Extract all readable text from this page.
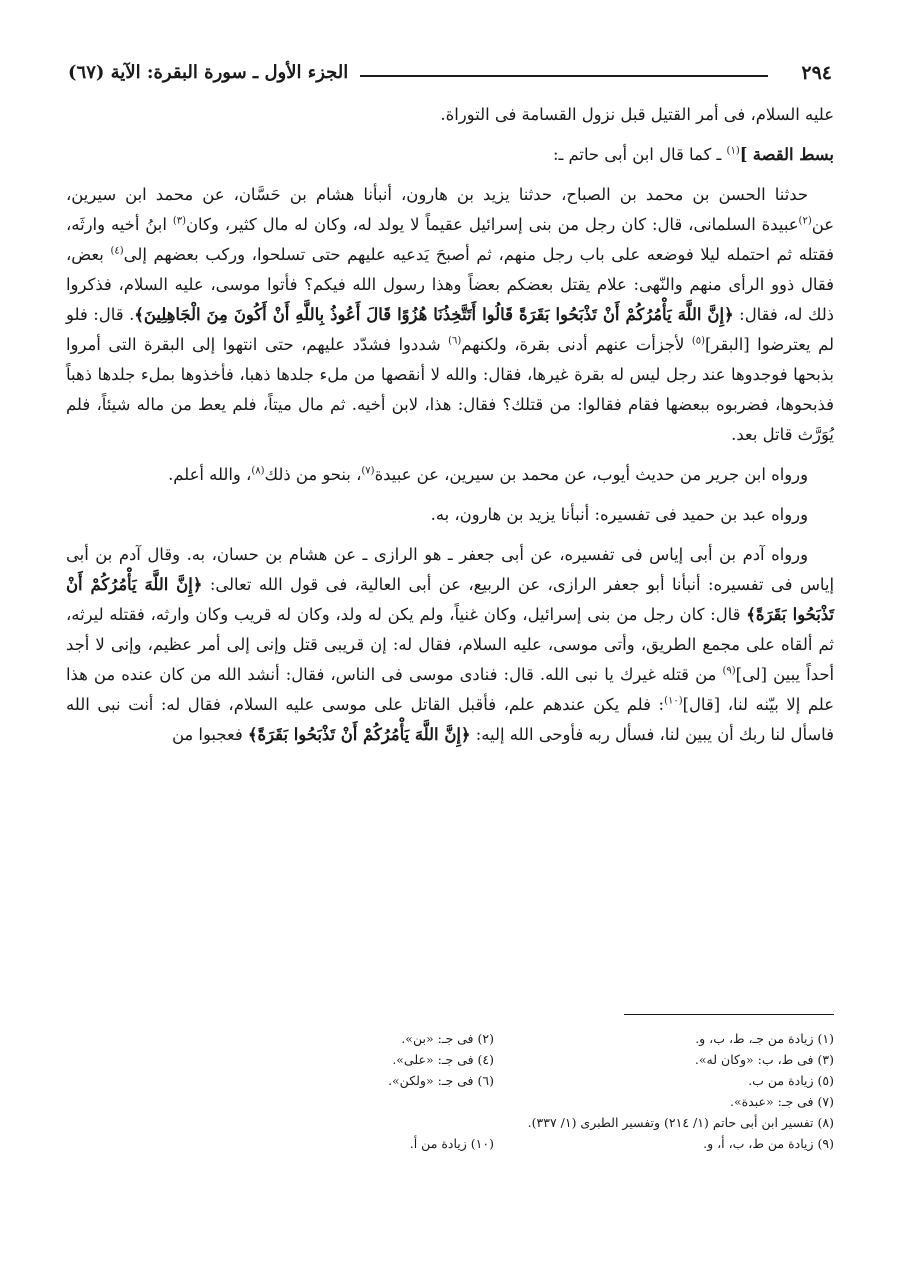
٢٩٤
الجزء الأول ـ سورة البقرة: الآية (٦٧)

عليه السلام، فى أمر القتيل قبل نزول القسامة فى التوراة.

بسط القصة ]$^{(١)}$ ـ كما قال ابن أبى حاتم ـ:

حدثنا الحسن بن محمد بن الصباح، حدثنا يزيد بن هارون، أنبأنا هشام بن حَسَّان، عن محمد ابن سيرين، عن$^{(٢)}$عبيدة السلمانى، قال: كان رجل من بنى إسرائيل عقيماً لا يولد له، وكان له مال كثير، وكان$^{(٣)}$ ابنُ أخيه وارثَه، فقتله ثم احتمله ليلا فوضعه على باب رجل منهم، ثم أصبحَ يَدعيه عليهم حتى تسلحوا، وركب بعضهم إلى$^{(٤)}$ بعض، فقال ذوو الرأى منهم والنّهى: علام يقتل بعضكم بعضاً وهذا رسول الله فيكم؟ فأتوا موسى، عليه السلام، فذكروا ذلك له، فقال: ﴿إِنَّ اللَّهَ يَأْمُرُكُمْ أَنْ تَذْبَحُوا بَقَرَةً قَالُوا أَتَتَّخِذُنَا هُزُوًا قَالَ أَعُوذُ بِاللَّهِ أَنْ أَكُونَ مِنَ الْجَاهِلِينَ﴾. قال: فلو لم يعترضوا [البقر]$^{(٥)}$ لأجزأت عنهم أدنى بقرة، ولكنهم$^{(٦)}$ شددوا فشدّد عليهم، حتى انتهوا إلى البقرة التى أمروا بذبحها فوجدوها عند رجل ليس له بقرة غيرها، فقال: والله لا أنقصها من ملء جلدها ذهبا، فأخذوها بملء جلدها ذهباً فذبحوها، فضربوه ببعضها فقام فقالوا: من قتلك؟ فقال: هذا، لابن أخيه. ثم مال ميتاً، فلم يعط من ماله شيئاً، فلم يُوَرَّث قاتل بعد.

ورواه ابن جرير من حديث أيوب، عن محمد بن سيرين، عن عبيدة$^{(٧)}$، بنحو من ذلك$^{(٨)}$، والله أعلم.

ورواه عبد بن حميد فى تفسيره: أنبأنا يزيد بن هارون، به.

ورواه آدم بن أبى إياس فى تفسيره، عن أبى جعفر ـ هو الرازى ـ عن هشام بن حسان، به. وقال آدم بن أبى إياس فى تفسيره: أنبأنا أبو جعفر الرازى، عن الربيع، عن أبى العالية، فى قول الله تعالى: ﴿إِنَّ اللَّهَ يَأْمُرُكُمْ أَنْ تَذْبَحُوا بَقَرَةً﴾ قال: كان رجل من بنى إسرائيل، وكان غنياً، ولم يكن له ولد، وكان له قريب وكان وارثه، فقتله ليرثه، ثم ألقاه على مجمع الطريق، وأتى موسى، عليه السلام، فقال له: إن قريبى قتل وإنى إلى أمر عظيم، وإنى لا أجد أحداً يبين [لى]$^{(٩)}$ من قتله غيرك يا نبى الله. قال: فنادى موسى فى الناس، فقال: أنشد الله من كان عنده من هذا علم إلا بيّنه لنا، [قال]$^{(١٠)}$: فلم يكن عندهم علم، فأقبل القاتل على موسى عليه السلام، فقال له: أنت نبى الله فاسأل لنا ربك أن يبين لنا، فسأل ربه فأوحى الله إليه: ﴿إِنَّ اللَّهَ يَأْمُرُكُمْ أَنْ تَذْبَحُوا بَقَرَةً﴾ فعجبوا من

(١) زيادة من جـ، ط، ب، و.
(٢) فى جـ: «بن».
(٣) فى ط، ب: «وكان له».
(٤) فى جـ: «على».
(٥) زيادة من ب.
(٦) فى جـ: «ولكن».
(٧) فى جـ: «عبدة».
(٨) تفسير ابن أبى حاتم (١/ ٢١٤) وتفسير الطبرى (١/ ٣٣٧).
(٩) زيادة من ط، ب، أ، و.
(١٠) زيادة من أ.
